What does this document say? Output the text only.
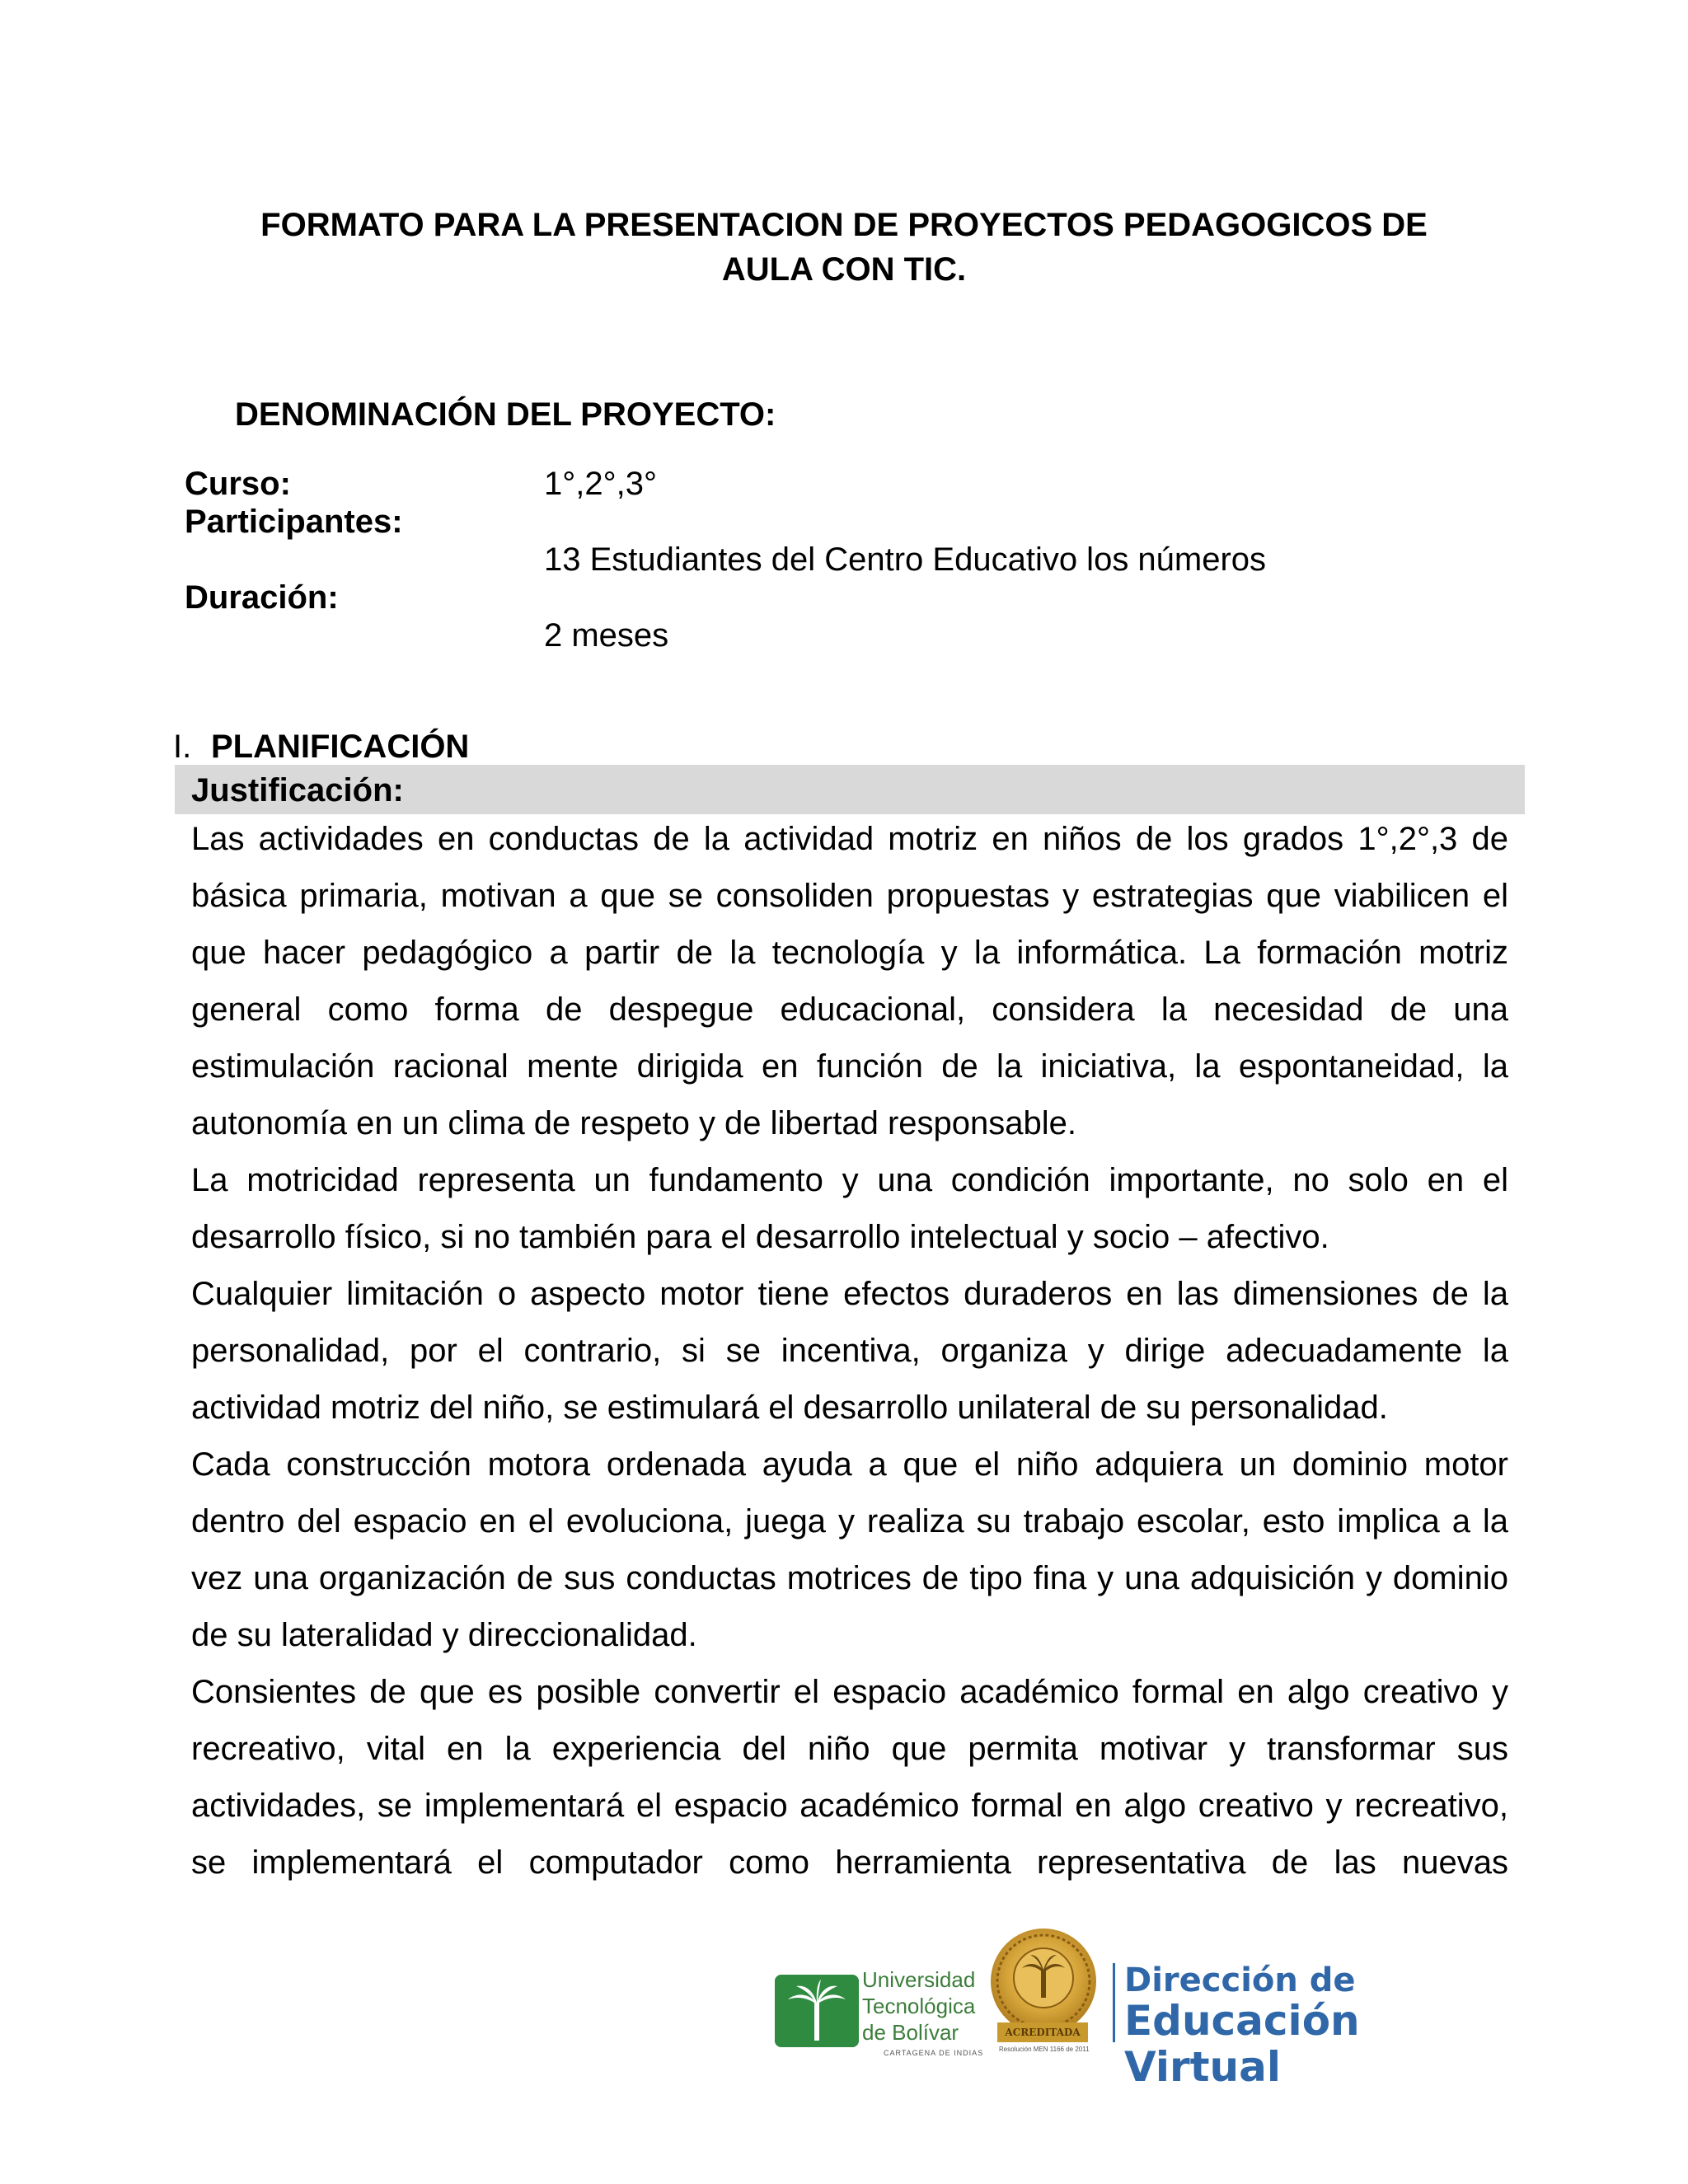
FORMATO PARA LA PRESENTACION DE PROYECTOS PEDAGOGICOS DE
AULA CON TIC.
DENOMINACIÓN DEL PROYECTO:
Curso:	1°,2°,3°
Participantes:
13 Estudiantes del Centro Educativo los números
Duración:
2 meses
I. PLANIFICACIÓN
Justificación:

Las actividades en conductas de la actividad motriz en niños de los grados 1°,2°,3 de básica primaria, motivan a que se consoliden propuestas y estrategias que viabilicen el que hacer pedagógico a partir de la tecnología y la informática. La formación motriz general como forma de despegue educacional, considera la necesidad de una estimulación racional mente dirigida en función de la iniciativa, la espontaneidad, la autonomía en un clima de respeto y de libertad responsable.

La motricidad representa un fundamento y una condición importante, no solo en el desarrollo físico, si no también para el desarrollo intelectual y socio – afectivo.

Cualquier limitación o aspecto motor tiene efectos duraderos en las dimensiones de la personalidad, por el contrario, si se incentiva, organiza y dirige adecuadamente la actividad motriz del niño, se estimulará el desarrollo unilateral de su personalidad.

Cada construcción motora ordenada ayuda a que el niño adquiera un dominio motor dentro del espacio en el evoluciona, juega y realiza su trabajo escolar, esto implica a la vez una organización de sus conductas motrices de tipo fina y una adquisición y dominio de su lateralidad y direccionalidad.

Consientes de que es posible convertir el espacio académico formal en algo creativo y recreativo, vital en la experiencia del niño que permita motivar y transformar sus actividades, se implementará el espacio académico formal en algo creativo y recreativo, se implementará el computador como herramienta representativa de las nuevas

Universidad
Tecnológica
de Bolívar
CARTAGENA DE INDIAS
ACREDITADA
Resolución MEN 1166 de 2011
Dirección de
Educación Virtual
